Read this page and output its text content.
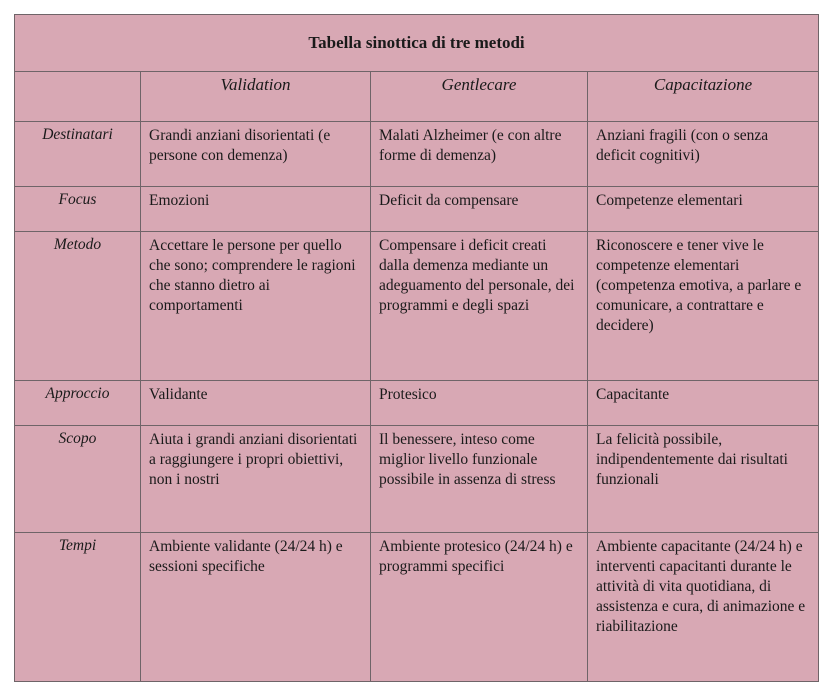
Tabella sinottica di tre metodi			
	Validation	Gentlecare	Capacitazione
Destinatari	Grandi anziani disorientati (e persone con demenza)	Malati Alzheimer (e con altre forme di demenza)	Anziani fragili (con o senza deficit cognitivi)
Focus	Emozioni	Deficit da compensare	Competenze elementari
Metodo	Accettare le persone per quello che sono; comprendere le ragioni che stanno dietro ai comportamenti	Compensare i deficit creati dalla demenza mediante un adeguamento del personale, dei programmi e degli spazi	Riconoscere e tener vive le competenze elementari (competenza emotiva, a parlare e comunicare, a contrattare e decidere)
Approccio	Validante	Protesico	Capacitante
Scopo	Aiuta i grandi anziani disorientati a raggiungere i propri obiettivi, non i nostri	Il benessere, inteso come miglior livello funzionale possibile in assenza di stress	La felicità possibile, indipendentemente dai risultati funzionali
Tempi	Ambiente validante (24/24 h) e sessioni specifiche	Ambiente protesico (24/24 h) e programmi specifici	Ambiente capacitante (24/24 h) e interventi capacitanti durante le attività di vita quotidiana, di assistenza e cura, di animazione e riabilitazione
